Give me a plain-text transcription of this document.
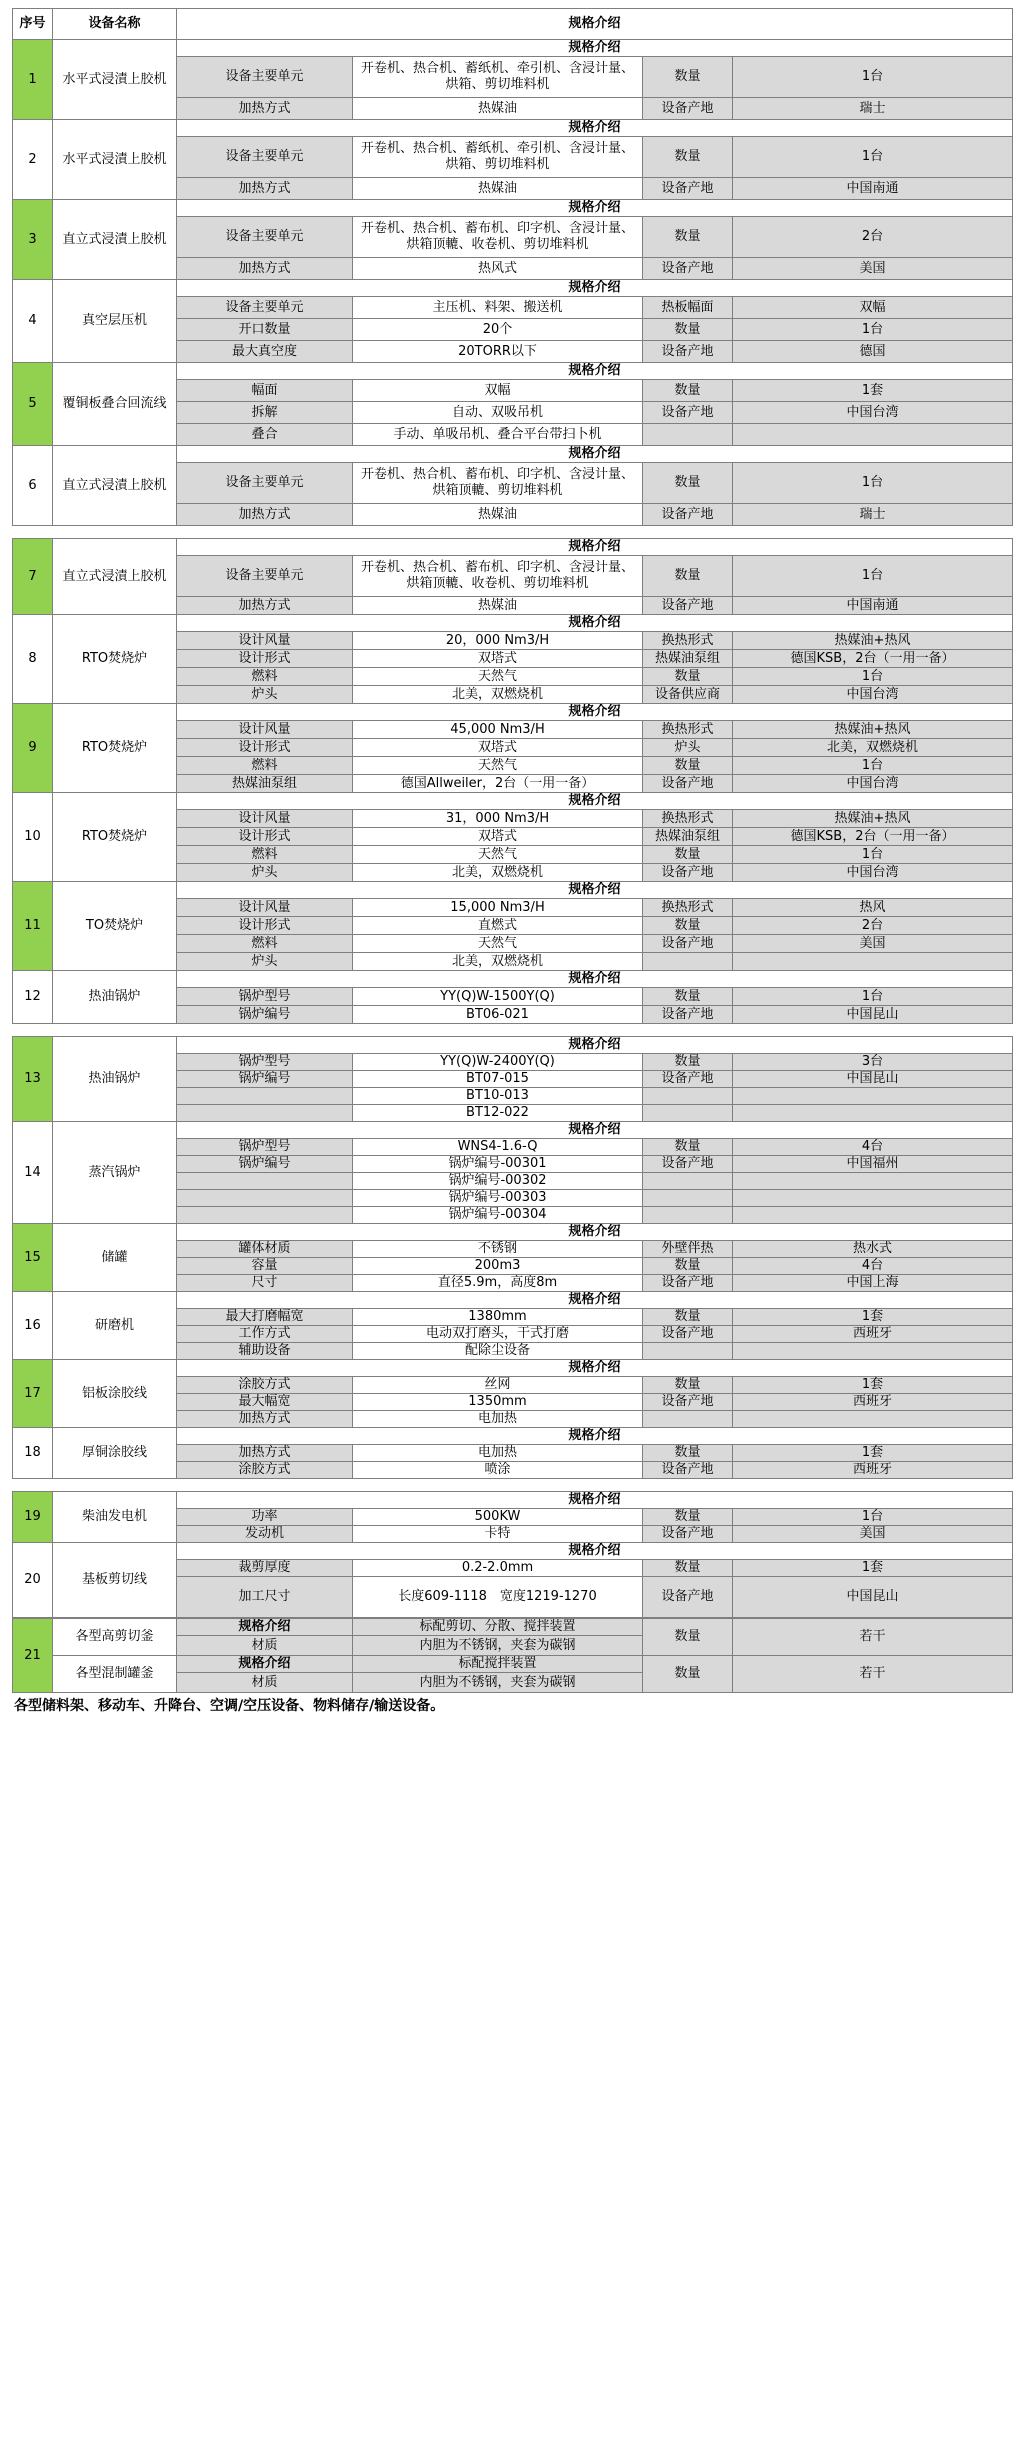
序号	设备名称	规格介绍			
1	水平式浸漬上胶机	规格介绍			
		设备主要单元	开卷机、热合机、蓄纸机、牵引机、含浸计量、烘箱、剪切堆料机	数量	1台
		加热方式	热媒油	设备产地	瑞士
2	水平式浸漬上胶机	规格介绍			
		设备主要单元	开卷机、热合机、蓄纸机、牵引机、含浸计量、烘箱、剪切堆料机	数量	1台
		加热方式	热媒油	设备产地	中国南通
3	直立式浸漬上胶机	规格介绍			
		设备主要单元	开卷机、热合机、蓄布机、印字机、含浸计量、烘箱顶轆、收卷机、剪切堆料机	数量	2台
		加热方式	热风式	设备产地	美国
4	真空层压机	规格介绍			
		设备主要单元	主压机、料架、搬送机	热板幅面	双幅
		开口数量	20个	数量	1台
		最大真空度	20TORR以下	设备产地	德国
5	覆铜板叠合回流线	规格介绍			
		幅面	双幅	数量	1套
		拆解	自动、双吸吊机	设备产地	中国台湾
		叠合	手动、单吸吊机、叠合平台带扫卜机		
6	直立式浸漬上胶机	规格介绍			
		设备主要单元	开卷机、热合机、蓄布机、印字机、含浸计量、烘箱顶轆、剪切堆料机	数量	1台
		加热方式	热媒油	设备产地	瑞士
7	直立式浸漬上胶机	规格介绍			
		设备主要单元	开卷机、热合机、蓄布机、印字机、含浸计量、烘箱顶轆、收卷机、剪切堆料机	数量	1台
		加热方式	热媒油	设备产地	中国南通
8	RTO焚烧炉	规格介绍			
		设计风量	20，000 Nm3/H	换热形式	热媒油+热风
		设计形式	双塔式	热媒油泵组	德国KSB，2台（一用一备）
		燃料	天然气	数量	1台
		炉头	北美，双燃烧机	设备供应商	中国台湾
9	RTO焚烧炉	规格介绍			
		设计风量	45,000 Nm3/H	换热形式	热媒油+热风
		设计形式	双塔式	炉头	北美，双燃烧机
		燃料	天然气	数量	1台
		热媒油泵组	德国Allweiler，2台（一用一备）	设备产地	中国台湾
10	RTO焚烧炉	规格介绍			
		设计风量	31，000 Nm3/H	换热形式	热媒油+热风
		设计形式	双塔式	热媒油泵组	德国KSB，2台（一用一备）
		燃料	天然气	数量	1台
		炉头	北美，双燃烧机	设备产地	中国台湾
11	TO焚烧炉	规格介绍			
		设计风量	15,000 Nm3/H	换热形式	热风
		设计形式	直燃式	数量	2台
		燃料	天然气	设备产地	美国
		炉头	北美，双燃烧机		
12	热油锅炉	规格介绍			
		锅炉型号	YY(Q)W-1500Y(Q)	数量	1台
		锅炉编号	BT06-021	设备产地	中国昆山
13	热油锅炉	规格介绍			
		锅炉型号	YY(Q)W-2400Y(Q)	数量	3台
		锅炉编号	BT07-015	设备产地	中国昆山
			BT10-013		
			BT12-022		
14	蒸汽锅炉	规格介绍			
		锅炉型号	WNS4-1.6-Q	数量	4台
		锅炉编号	锅炉编号-00301	设备产地	中国福州
			锅炉编号-00302		
			锅炉编号-00303		
			锅炉编号-00304		
15	储罐	规格介绍			
		罐体材质	不锈钢	外壁伴热	热水式
		容量	200m3	数量	4台
		尺寸	直径5.9m，高度8m	设备产地	中国上海
16	研磨机	规格介绍			
		最大打磨幅宽	1380mm	数量	1套
		工作方式	电动双打磨头，干式打磨	设备产地	西班牙
		辅助设备	配除尘设备		
17	铝板涂胶线	规格介绍			
		涂胶方式	丝网	数量	1套
		最大幅宽	1350mm	设备产地	西班牙
		加热方式	电加热		
18	厚铜涂胶线	规格介绍			
		加热方式	电加热	数量	1套
		涂胶方式	喷涂	设备产地	西班牙
19	柴油发电机	规格介绍			
		功率	500KW	数量	1台
		发动机	卡特	设备产地	美国
20	基板剪切线	规格介绍			
		裁剪厚度	0.2-2.0mm	数量	1套
		加工尺寸	长度609-1118　宽度1219-1270	设备产地	中国昆山
21	各型高剪切釜	规格介绍	标配剪切、分散、搅拌装置	数量	若干
		材质	内胆为不锈钢，夹套为碳钢		
	各型混制罐釜	规格介绍	标配搅拌装置	数量	若干
		材质	内胆为不锈钢，夹套为碳钢		
各型储料架、移动车、升降台、空调/空压设备、物料储存/输送设备。
